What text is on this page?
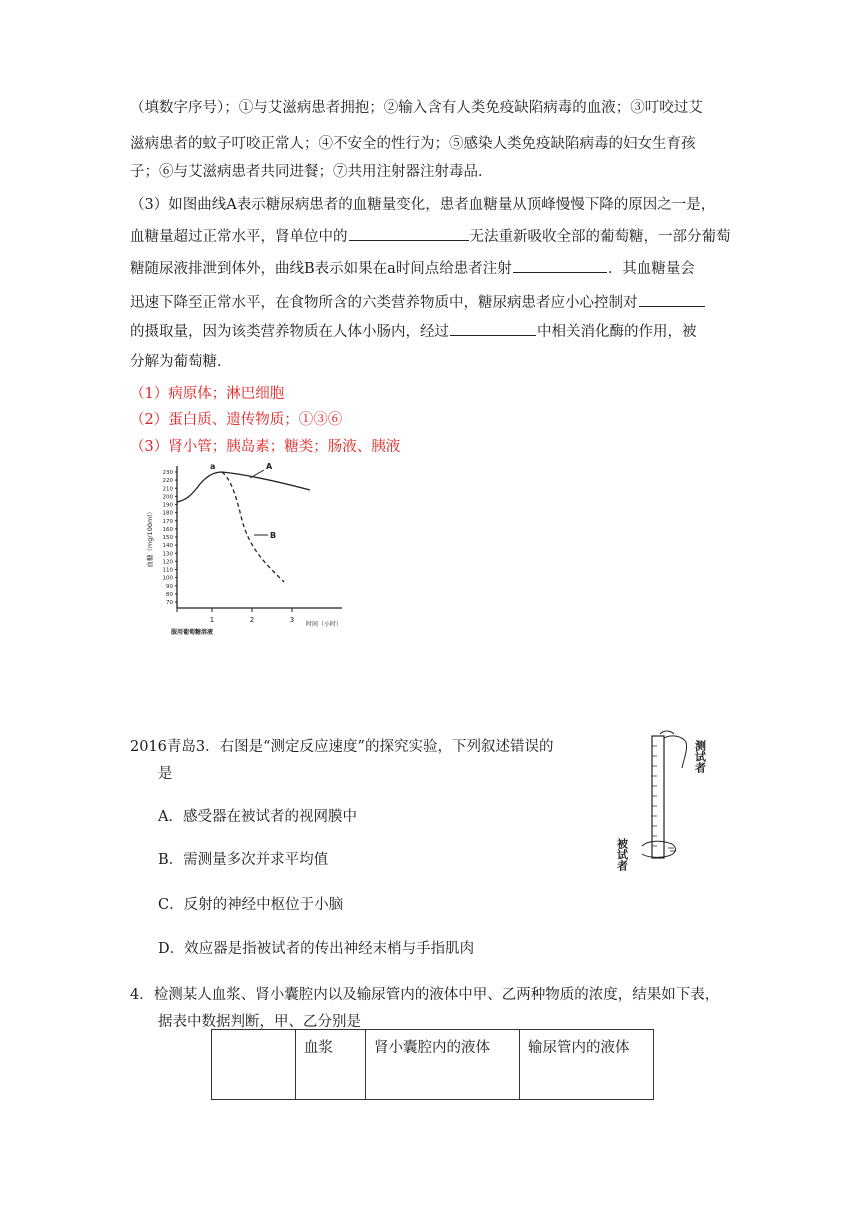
（填数字序号）；①与艾滋病患者拥抱；②输入含有人类免疫缺陷病毒的血液；③叮咬过艾
滋病患者的蚊子叮咬正常人；④不安全的性行为；⑤感染人类免疫缺陷病毒的妇女生育孩
子；⑥与艾滋病患者共同进餐；⑦共用注射器注射毒品．
（3）如图曲线A表示糖尿病患者的血糖量变化，患者血糖量从顶峰慢慢下降的原因之一是，
血糖量超过正常水平，肾单位中的	无法重新吸收全部的葡萄糖，一部分葡萄
糖随尿液排泄到体外，曲线B表示如果在a时间点给患者注射	．其血糖量会
迅速下降至正常水平，在食物所含的六类营养物质中，糖尿病患者应小心控制对
的摄取量，因为该类营养物质在人体小肠内，经过	中相关消化酶的作用，被
分解为葡萄糖．
（1）病原体；淋巴细胞
（2）蛋白质、遗传物质；①③⑥
（3）肾小管；胰岛素；糖类；肠液、胰液
230
220
210
200
190
180
170
160
150
140
130
120
110
100
90
80
70
血糖（mg/100ml）
1	2	3
时间（小时）
服用葡萄糖溶液
a	A
B
2016青岛3．右图是“测定反应速度”的探究实验，下列叙述错误的
是
A．感受器在被试者的视网膜中
B．需测量多次并求平均值
C．反射的神经中枢位于小脑
D．效应器是指被试者的传出神经末梢与手指肌肉
测试者
被试者
4．检测某人血浆、肾小囊腔内以及输尿管内的液体中甲、乙两种物质的浓度，结果如下表，
据表中数据判断，甲、乙分别是
	血浆	肾小囊腔内的液体	输尿管内的液体
